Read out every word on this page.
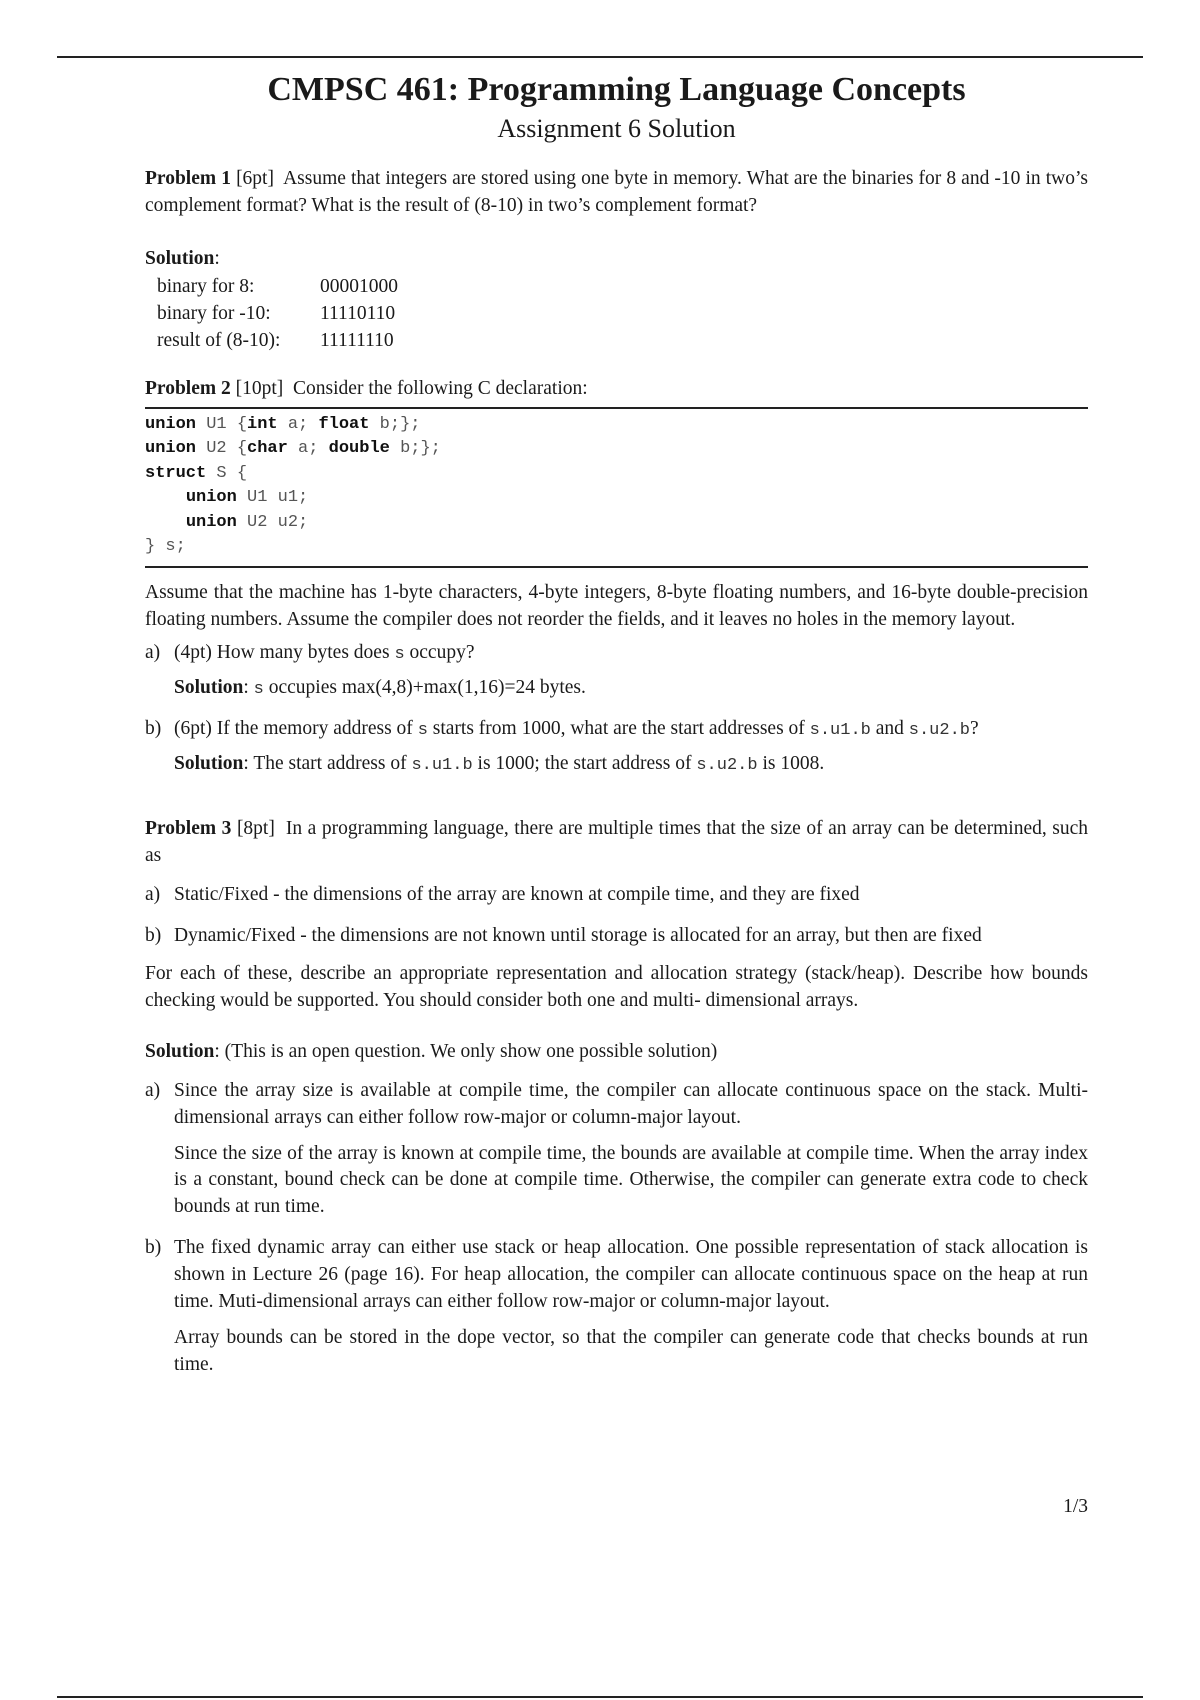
CMPSC 461: Programming Language Concepts
Assignment 6 Solution

Problem 1 [6pt] Assume that integers are stored using one byte in memory. What are the binaries for 8 and -10 in two’s complement format? What is the result of (8-10) in two’s complement format?

Solution:

binary for 8:	00001000
binary for -10:	11110110
result of (8-10):	11111110

Problem 2 [10pt] Consider the following C declaration:

union U1 {int a; float b;};
union U2 {char a; double b;};
struct S {
union U1 u1;
union U2 u2;
} s;

Assume that the machine has 1-byte characters, 4-byte integers, 8-byte floating numbers, and 16-byte double-precision floating numbers. Assume the compiler does not reorder the fields, and it leaves no holes in the memory layout.

a) (4pt) How many bytes does s occupy?

Solution: s occupies max(4,8)+max(1,16)=24 bytes.

b) (6pt) If the memory address of s starts from 1000, what are the start addresses of s.u1.b and s.u2.b?

Solution: The start address of s.u1.b is 1000; the start address of s.u2.b is 1008.

Problem 3 [8pt] In a programming language, there are multiple times that the size of an array can be determined, such as

a) Static/Fixed - the dimensions of the array are known at compile time, and they are fixed

b) Dynamic/Fixed - the dimensions are not known until storage is allocated for an array, but then are fixed

For each of these, describe an appropriate representation and allocation strategy (stack/heap). Describe how bounds checking would be supported. You should consider both one and multi- dimensional arrays.

Solution: (This is an open question. We only show one possible solution)

a) Since the array size is available at compile time, the compiler can allocate continuous space on the stack. Multi-dimensional arrays can either follow row-major or column-major layout.

Since the size of the array is known at compile time, the bounds are available at compile time. When the array index is a constant, bound check can be done at compile time. Otherwise, the compiler can generate extra code to check bounds at run time.

b) The fixed dynamic array can either use stack or heap allocation. One possible representation of stack allocation is shown in Lecture 26 (page 16). For heap allocation, the compiler can allocate continuous space on the heap at run time. Muti-dimensional arrays can either follow row-major or column-major layout.

Array bounds can be stored in the dope vector, so that the compiler can generate code that checks bounds at run time.

1/3
